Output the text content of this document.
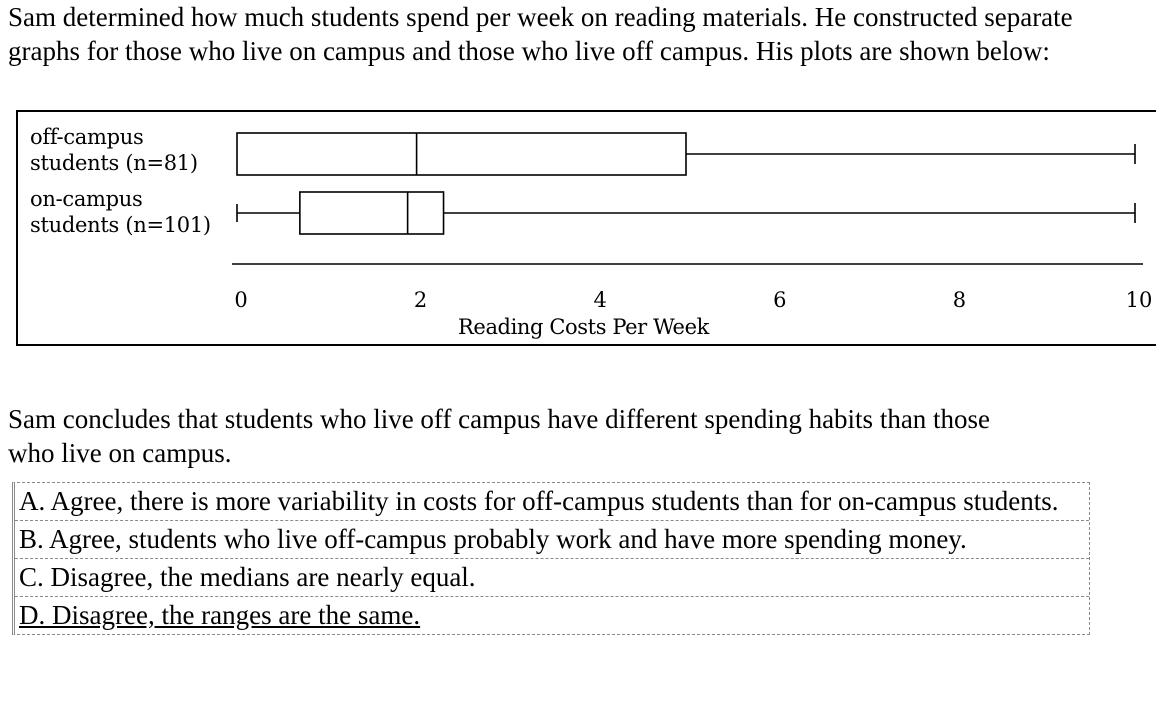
Sam determined how much students spend per week on reading materials. He constructed separate graphs for those who live on campus and those who live off campus. His plots are shown below:

off-campus
students (n=81)
on-campus
students (n=101)
0	2	4	6	8	10
Reading Costs Per Week

Sam concludes that students who live off campus have different spending habits than those who live on campus.

A. Agree, there is more variability in costs for off-campus students than for on-campus students.
B. Agree, students who live off-campus probably work and have more spending money.
C. Disagree, the medians are nearly equal.
D. Disagree, the ranges are the same.
